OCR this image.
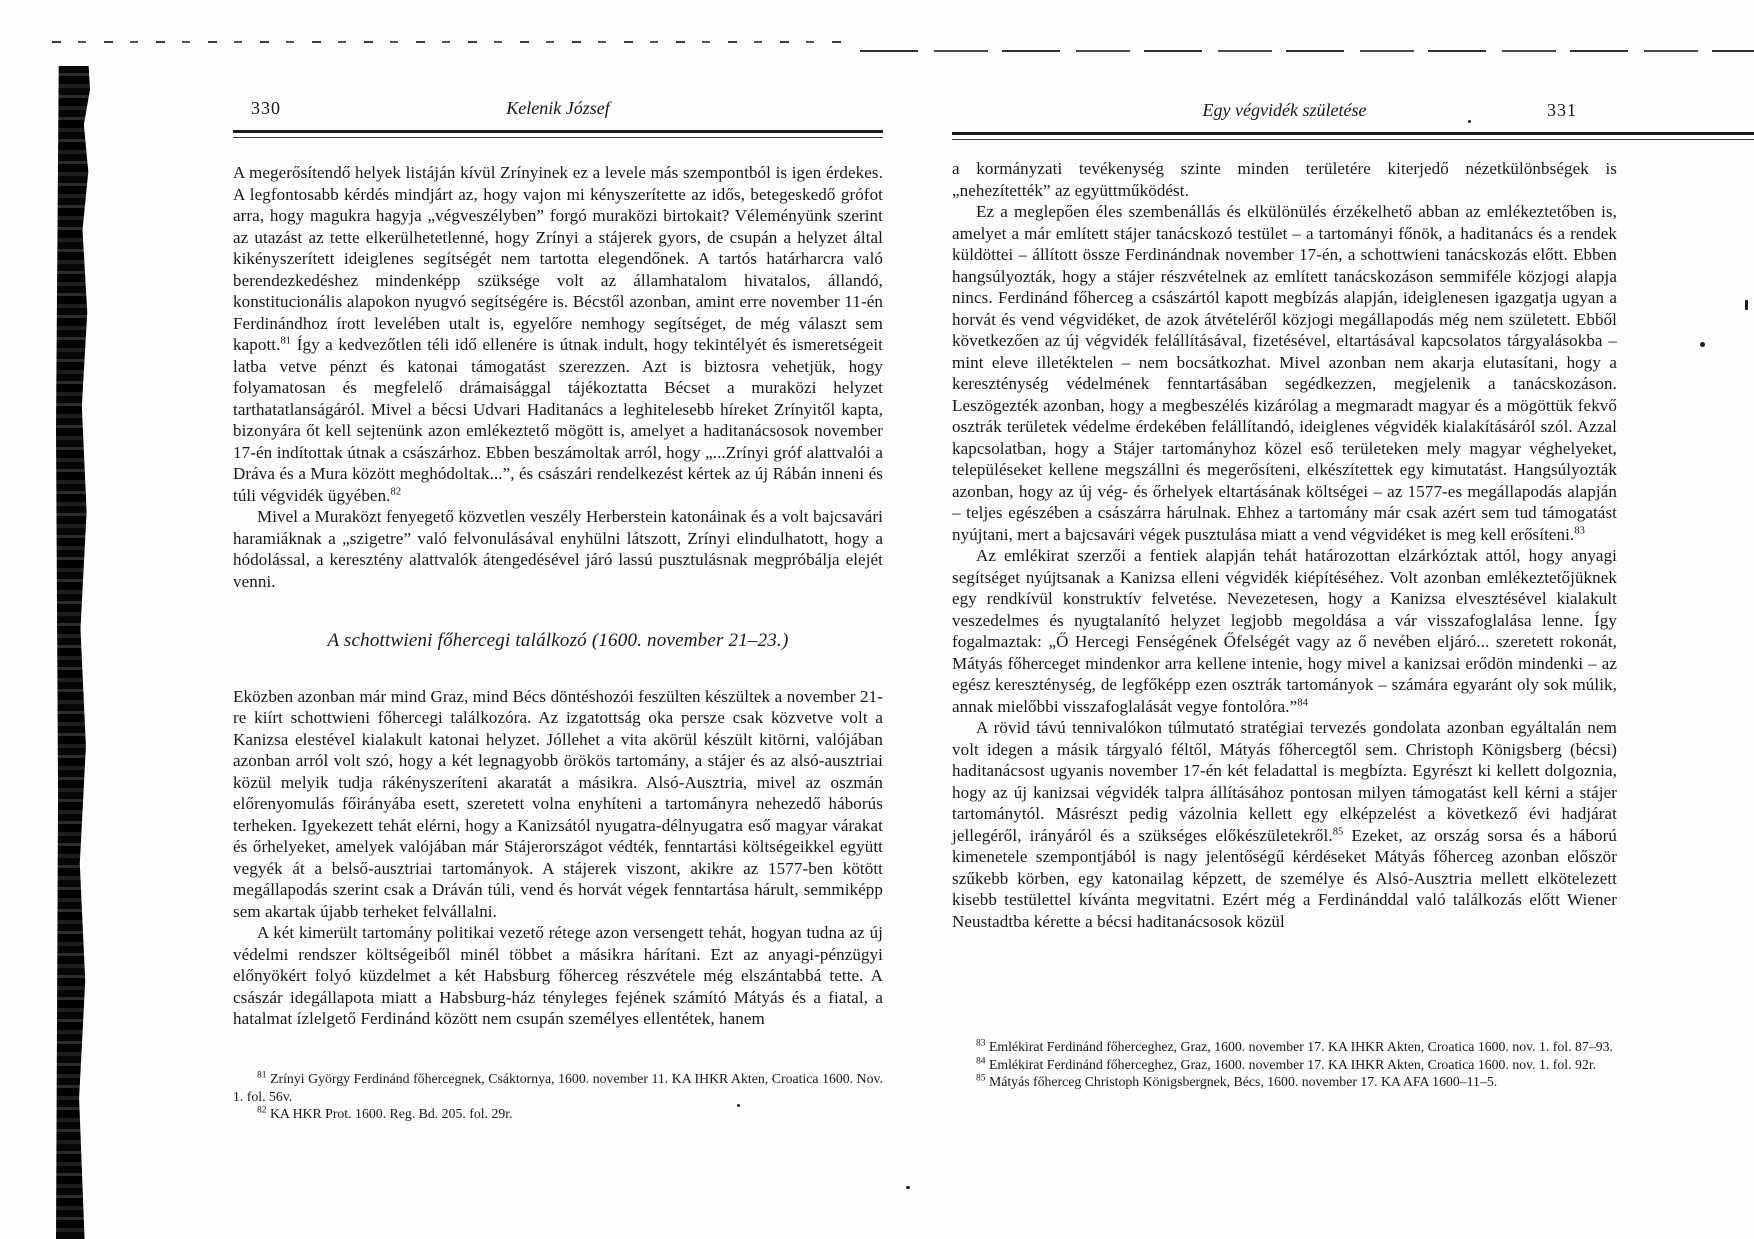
330	Kelenik József

A megerősítendő helyek listáján kívül Zrínyinek ez a levele más szempontból is igen érdekes. A legfontosabb kérdés mindjárt az, hogy vajon mi kényszerítette az idős, betegeskedő grófot arra, hogy magukra hagyja „végveszélyben” forgó muraközi birtokait? Véleményünk szerint az utazást az tette elkerülhetetlenné, hogy Zrínyi a stájerek gyors, de csupán a helyzet által kikényszerített ideiglenes segítségét nem tartotta elegendőnek. A tartós határharcra való berendezkedéshez mindenképp szüksége volt az államhatalom hivatalos, állandó, konstitucionális alapokon nyugvó segítségére is. Bécstől azonban, amint erre november 11-én Ferdinándhoz írott levelében utalt is, egyelőre nemhogy segítséget, de még választ sem kapott.$^{81}$ Így a kedvezőtlen téli idő ellenére is útnak indult, hogy tekintélyét és ismeretségeit latba vetve pénzt és katonai támogatást szerezzen. Azt is biztosra vehetjük, hogy folyamatosan és megfelelő drámaisággal tájékoztatta Bécset a muraközi helyzet tarthatatlanságáról. Mivel a bécsi Udvari Haditanács a leghitelesebb híreket Zrínyitől kapta, bizonyára őt kell sejtenünk azon emlékeztető mögött is, amelyet a haditanácsosok november 17-én indítottak útnak a császárhoz. Ebben beszámoltak arról, hogy „...Zrínyi gróf alattvalói a Dráva és a Mura között meghódoltak...”, és császári rendelkezést kértek az új Rábán inneni és túli végvidék ügyében.$^{82}$

Mivel a Muraközt fenyegető közvetlen veszély Herberstein katonáinak és a volt bajcsavári haramiáknak a „szigetre” való felvonulásával enyhülni látszott, Zrínyi elindulhatott, hogy a hódolással, a keresztény alattvalók átengedésével járó lassú pusztulásnak megpróbálja elejét venni.

A schottwieni főhercegi találkozó (1600. november 21–23.)

Eközben azonban már mind Graz, mind Bécs döntéshozói feszülten készültek a november 21-re kiírt schottwieni főhercegi találkozóra. Az izgatottság oka persze csak közvetve volt a Kanizsa elestével kialakult katonai helyzet. Jóllehet a vita akörül készült kitörni, valójában azonban arról volt szó, hogy a két legnagyobb örökös tartomány, a stájer és az alsó-ausztriai közül melyik tudja rákényszeríteni akaratát a másikra. Alsó-Ausztria, mivel az oszmán előrenyomulás főirányába esett, szeretett volna enyhíteni a tartományra nehezedő háborús terheken. Igyekezett tehát elérni, hogy a Kanizsától nyugatra-délnyugatra eső magyar várakat és őrhelyeket, amelyek valójában már Stájerországot védték, fenntartási költségeikkel együtt vegyék át a belső-ausztriai tartományok. A stájerek viszont, akikre az 1577-ben kötött megállapodás szerint csak a Dráván túli, vend és horvát végek fenntartása hárult, semmiképp sem akartak újabb terheket felvállalni.

A két kimerült tartomány politikai vezető rétege azon versengett tehát, hogyan tudna az új védelmi rendszer költségeiből minél többet a másikra hárítani. Ezt az anyagi-pénzügyi előnyökért folyó küzdelmet a két Habsburg főherceg részvétele még elszántabbá tette. A császár idegállapota miatt a Habsburg-ház tényleges fejének számító Mátyás és a fiatal, a hatalmat ízlelgető Ferdinánd között nem csupán személyes ellentétek, hanem

$^{81}$ Zrínyi György Ferdinánd főhercegnek, Csáktornya, 1600. november 11. KA IHKR Akten, Croatica 1600. Nov. 1. fol. 56v.

$^{82}$ KA HKR Prot. 1600. Reg. Bd. 205. fol. 29r.

Egy végvidék születése	331

a kormányzati tevékenység szinte minden területére kiterjedő nézetkülönbségek is „nehezítették” az együttműködést.

Ez a meglepően éles szembenállás és elkülönülés érzékelhető abban az emlékeztetőben is, amelyet a már említett stájer tanácskozó testület – a tartományi főnök, a haditanács és a rendek küldöttei – állított össze Ferdinándnak november 17-én, a schottwieni tanácskozás előtt. Ebben hangsúlyozták, hogy a stájer részvételnek az említett tanácskozáson semmiféle közjogi alapja nincs. Ferdinánd főherceg a császártól kapott megbízás alapján, ideiglenesen igazgatja ugyan a horvát és vend végvidéket, de azok átvételéről közjogi megállapodás még nem született. Ebből következően az új végvidék felállításával, fizetésével, eltartásával kapcsolatos tárgyalásokba – mint eleve illetéktelen – nem bocsátkozhat. Mivel azonban nem akarja elutasítani, hogy a kereszténység védelmének fenntartásában segédkezzen, megjelenik a tanácskozáson. Leszögezték azonban, hogy a megbeszélés kizárólag a megmaradt magyar és a mögöttük fekvő osztrák területek védelme érdekében felállítandó, ideiglenes végvidék kialakításáról szól. Azzal kapcsolatban, hogy a Stájer tartományhoz közel eső területeken mely magyar véghelyeket, településeket kellene megszállni és megerősíteni, elkészítettek egy kimutatást. Hangsúlyozták azonban, hogy az új vég- és őrhelyek eltartásának költségei – az 1577-es megállapodás alapján – teljes egészében a császárra hárulnak. Ehhez a tartomány már csak azért sem tud támogatást nyújtani, mert a bajcsavári végek pusztulása miatt a vend végvidéket is meg kell erősíteni.$^{83}$

Az emlékirat szerzői a fentiek alapján tehát határozottan elzárkóztak attól, hogy anyagi segítséget nyújtsanak a Kanizsa elleni végvidék kiépítéséhez. Volt azonban emlékeztetőjüknek egy rendkívül konstruktív felvetése. Nevezetesen, hogy a Kanizsa elvesztésével kialakult veszedelmes és nyugtalanító helyzet legjobb megoldása a vár visszafoglalása lenne. Így fogalmaztak: „Ő Hercegi Fenségének Őfelségét vagy az ő nevében eljáró... szeretett rokonát, Mátyás főherceget mindenkor arra kellene intenie, hogy mivel a kanizsai erődön mindenki – az egész kereszténység, de legfőképp ezen osztrák tartományok – számára egyaránt oly sok múlik, annak mielőbbi visszafoglalását vegye fontolóra.”$^{84}$

A rövid távú tennivalókon túlmutató stratégiai tervezés gondolata azonban egyáltalán nem volt idegen a másik tárgyaló féltől, Mátyás főhercegtől sem. Christoph Königsberg (bécsi) haditanácsost ugyanis november 17-én két feladattal is megbízta. Egyrészt ki kellett dolgoznia, hogy az új kanizsai végvidék talpra állításához pontosan milyen támogatást kell kérni a stájer tartománytól. Másrészt pedig vázolnia kellett egy elképzelést a következő évi hadjárat jellegéről, irányáról és a szükséges előkészületekről.$^{85}$ Ezeket, az ország sorsa és a háború kimenetele szempontjából is nagy jelentőségű kérdéseket Mátyás főherceg azonban először szűkebb körben, egy katonailag képzett, de személye és Alsó-Ausztria mellett elkötelezett kisebb testülettel kívánta megvitatni. Ezért még a Ferdinánddal való találkozás előtt Wiener Neustadtba kérette a bécsi haditanácsosok közül

$^{83}$ Emlékirat Ferdinánd főherceghez, Graz, 1600. november 17. KA IHKR Akten, Croatica 1600. nov. 1. fol. 87–93.

$^{84}$ Emlékirat Ferdinánd főherceghez, Graz, 1600. november 17. KA IHKR Akten, Croatica 1600. nov. 1. fol. 92r.

$^{85}$ Mátyás főherceg Christoph Königsbergnek, Bécs, 1600. november 17. KA AFA 1600–11–5.
